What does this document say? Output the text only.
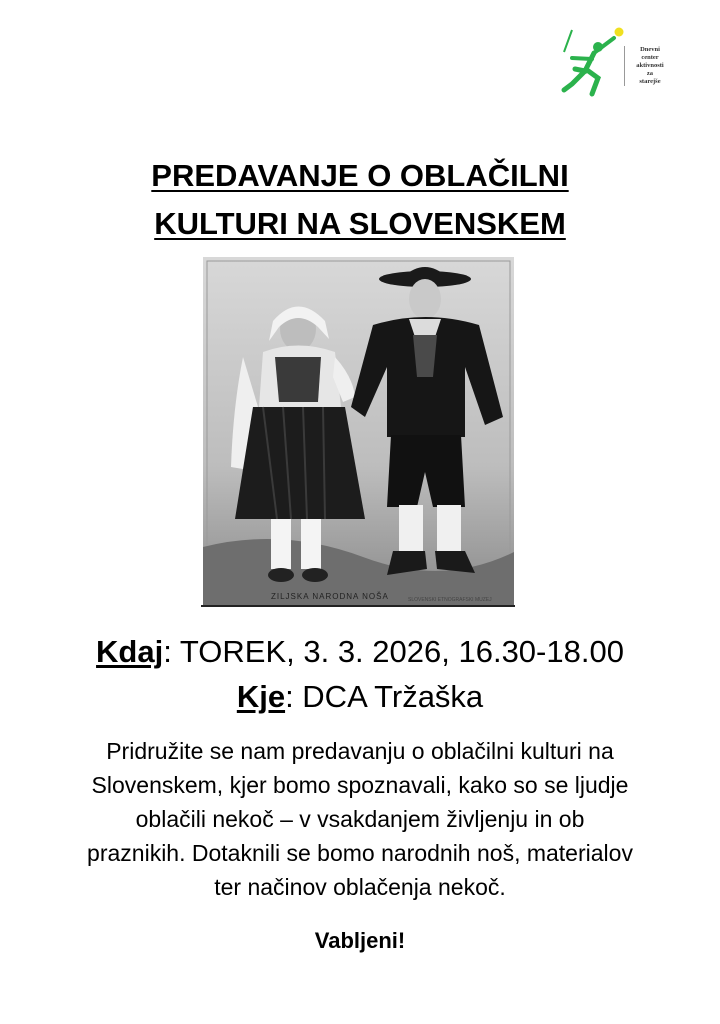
Dnevni
center
aktivnosti
za
starejše
PREDAVANJE O OBLAČILNI
KULTURI NA SLOVENSKEM
ZILJSKA NARODNA NOŠA	SLOVENSKI ETNOGRAFSKI MUZEJ
Kdaj: TOREK, 3. 3. 2026, 16.30-18.00
Kje: DCA Tržaška
Pridružite se nam predavanju o oblačilni kulturi na
Slovenskem, kjer bomo spoznavali, kako so se ljudje
oblačili nekoč – v vsakdanjem življenju in ob
praznikih. Dotaknili se bomo narodnih noš, materialov
ter načinov oblačenja nekoč.
Vabljeni!
